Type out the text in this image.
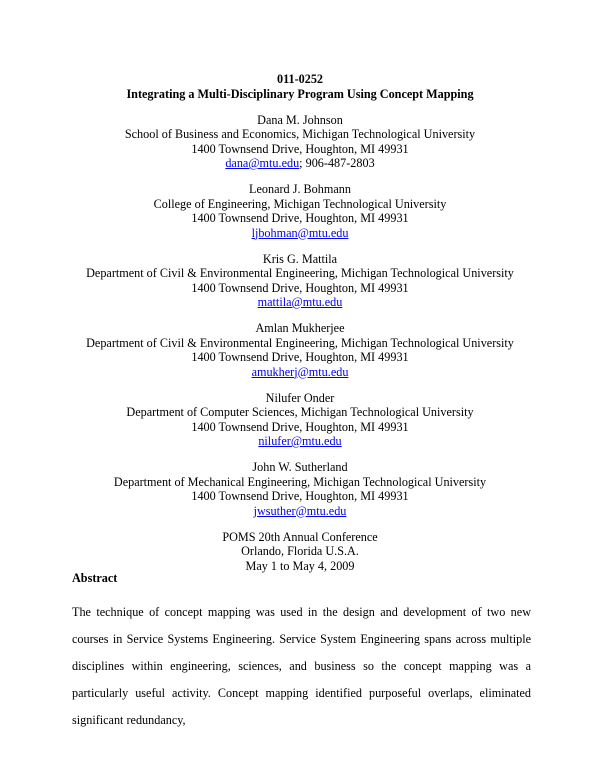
011-0252
Integrating a Multi-Disciplinary Program Using Concept Mapping
Dana M. Johnson
School of Business and Economics, Michigan Technological University
1400 Townsend Drive, Houghton, MI 49931
dana@mtu.edu; 906-487-2803
Leonard J. Bohmann
College of Engineering, Michigan Technological University
1400 Townsend Drive, Houghton, MI 49931
ljbohman@mtu.edu
Kris G. Mattila
Department of Civil & Environmental Engineering, Michigan Technological University
1400 Townsend Drive, Houghton, MI 49931
mattila@mtu.edu
Amlan Mukherjee
Department of Civil & Environmental Engineering, Michigan Technological University
1400 Townsend Drive, Houghton, MI 49931
amukherj@mtu.edu
Nilufer Onder
Department of Computer Sciences, Michigan Technological University
1400 Townsend Drive, Houghton, MI 49931
nilufer@mtu.edu
John W. Sutherland
Department of Mechanical Engineering, Michigan Technological University
1400 Townsend Drive, Houghton, MI 49931
jwsuther@mtu.edu
POMS 20th Annual Conference
Orlando, Florida U.S.A.
May 1 to May 4, 2009
Abstract
The technique of concept mapping was used in the design and development of two new courses in Service Systems Engineering. Service System Engineering spans across multiple disciplines within engineering, sciences, and business so the concept mapping was a particularly useful activity. Concept mapping identified purposeful overlaps, eliminated significant redundancy,
